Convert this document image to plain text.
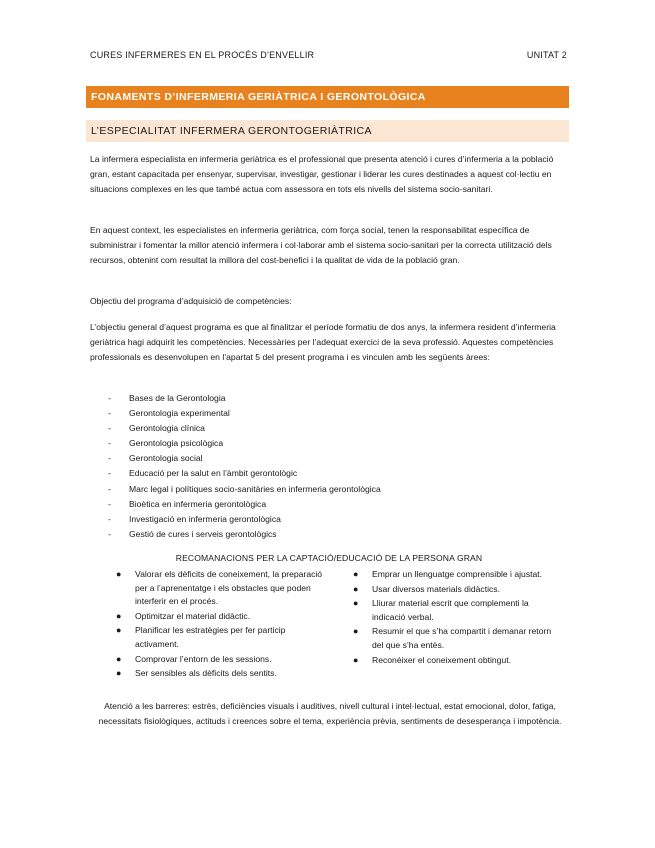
CURES INFERMERES EN EL PROCÉS D’ENVELLIR	UNITAT 2
FONAMENTS D’INFERMERIA GERIÀTRICA I GERONTOLÒGICA
L’ESPECIALITAT INFERMERA GERONTOGERIÀTRICA

La infermera especialista en infermeria geriàtrica es el professional que presenta atenció i cures d’infermeria a la població gran, estant capacitada per ensenyar, supervisar, investigar, gestionar i liderar les cures destinades a aquest col·lectiu en situacions complexes en les que també actua com assessora en tots els nivells del sistema socio-sanitari.

En aquest context, les especialistes en infermeria geriàtrica, com força social, tenen la responsabilitat específica de subministrar i fomentar la millor atenció infermera i col·laborar amb el sistema socio-sanitari per la correcta utilització dels recursos, obtenint com resultat la millora del cost-benefici i la qualitat de vida de la població gran.

Objectiu del programa d’adquisició de competències:

L’objectiu general d’aquest programa es que al finalitzar el període formatiu de dos anys, la infermera resident d’infermeria geriàtrica hagi adquirit les competències. Necessàries per l’adequat exercici de la seva professió. Aquestes competències professionals es desenvolupen en l’apartat 5 del present programa i es vinculen amb les següents àrees:

- Bases de la Gerontologia
- Gerontologia experimental
- Gerontologia clínica
- Gerontologia psicològica
- Gerontologia social
- Educació per la salut en l’àmbit gerontològic
- Marc legal i polítiques socio-sanitàries en infermeria gerontològica
- Bioètica en infermeria gerontològica
- Investigació en infermeria gerontològica
- Gestió de cures i serveis gerontològics
RECOMANACIONS PER LA CAPTACIÓ/EDUCACIÓ DE LA PERSONA GRAN
● Valorar els dèficits de coneixement, la preparació per a l’aprenentatge i els obstacles que poden interferir en el procés.
● Optimitzar el material didàctic.
● Planificar les estratègies per fer particip activament.
● Comprovar l’entorn de les sessions.
● Ser sensibles als dèficits dels sentits.
● Emprar un llenguatge comprensible i ajustat.
● Usar diversos materials didàctics.
● Lliurar material escrit que complementi la indicació verbal.
● Resumir el que s’ha compartit i demanar retorn del que s’ha entès.
● Reconèixer el coneixement obtingut.

Atenció a les barreres: estrès, deficiències visuals i auditives, nivell cultural i intel·lectual, estat emocional, dolor, fatiga, necessitats fisiològiques, actituds i creences sobre el tema, experiència prèvia, sentiments de desesperança i impotència.
